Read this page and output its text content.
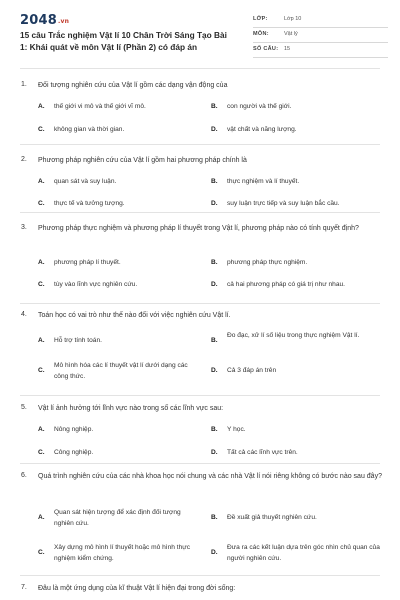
2048.vn
15 câu Trắc nghiệm Vật lí 10 Chân Trời Sáng Tạo Bài 1: Khái quát về môn Vật lí (Phần 2) có đáp án
LỚP:	Lớp 10
MÔN:	Vật lý
SỐ CÂU: 15
1. Đối tượng nghiên cứu của Vật lí gồm các dạng vận động của
A. thế giới vi mô và thế giới vĩ mô.	B. con người và thế giới.
C. không gian và thời gian.	D. vật chất và năng lượng.
2. Phương pháp nghiên cứu của Vật lí gồm hai phương pháp chính là
A. quan sát và suy luận.	B. thực nghiệm và lí thuyết.
C. thực tế và tưởng tượng.	D. suy luận trực tiếp và suy luận bắc cầu.
3. Phương pháp thực nghiệm và phương pháp lí thuyết trong Vật lí, phương pháp nào có tính quyết định?
A. phương pháp lí thuyết.	B. phương pháp thực nghiệm.
C. tùy vào lĩnh vực nghiên cứu.	D. cả hai phương pháp có giá trị như nhau.
4. Toán học có vai trò như thế nào đối với việc nghiên cứu Vật lí.
A. Hỗ trợ tính toán.	B.
Đo đạc, xử lí số liệu trong thực nghiệm Vật lí.
C.
Mô hình hóa các lí thuyết vật lí dưới dạng các công thức.
D. Cả 3 đáp án trên
5. Vật lí ảnh hưởng tới lĩnh vực nào trong số các lĩnh vực sau:
A. Nông nghiệp.	B. Y học.
C. Công nghiệp.	D. Tất cả các lĩnh vực trên.
6. Quá trình nghiên cứu của các nhà khoa học nói chung và các nhà Vật lí nói riêng không có bước nào sau đây?
A.
Quan sát hiện tượng để xác định đối tượng nghiên cứu.
B. Đề xuất giả thuyết nghiên cứu.
C.
Xây dựng mô hình lí thuyết hoặc mô hình thực nghiệm kiểm chứng.
D.
Đưa ra các kết luận dựa trên góc nhìn chủ quan của người nghiên cứu.
7. Đâu là một ứng dụng của kĩ thuật Vật lí hiện đại trong đời sống:
